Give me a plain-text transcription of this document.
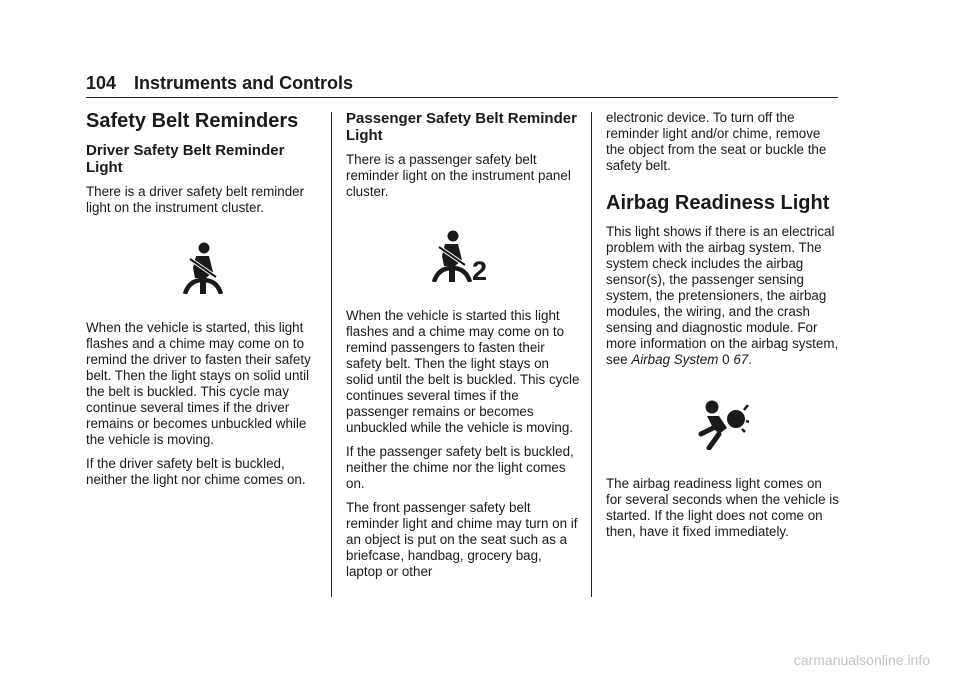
104 Instruments and Controls
Safety Belt Reminders
Driver Safety Belt Reminder Light

There is a driver safety belt reminder light on the instrument cluster.

When the vehicle is started, this light flashes and a chime may come on to remind the driver to fasten their safety belt. Then the light stays on solid until the belt is buckled. This cycle may continue several times if the driver remains or becomes unbuckled while the vehicle is moving.

If the driver safety belt is buckled, neither the light nor chime comes on.

Passenger Safety Belt Reminder Light

There is a passenger safety belt reminder light on the instrument panel cluster.

2

When the vehicle is started this light flashes and a chime may come on to remind passengers to fasten their safety belt. Then the light stays on solid until the belt is buckled. This cycle continues several times if the passenger remains or becomes unbuckled while the vehicle is moving.

If the passenger safety belt is buckled, neither the chime nor the light comes on.

The front passenger safety belt reminder light and chime may turn on if an object is put on the seat such as a briefcase, handbag, grocery bag, laptop or other

electronic device. To turn off the reminder light and/or chime, remove the object from the seat or buckle the safety belt.

Airbag Readiness Light

This light shows if there is an electrical problem with the airbag system. The system check includes the airbag sensor(s), the passenger sensing system, the pretensioners, the airbag modules, the wiring, and the crash sensing and diagnostic module. For more information on the airbag system, see Airbag System 0 67.

The airbag readiness light comes on for several seconds when the vehicle is started. If the light does not come on then, have it fixed immediately.

carmanualsonline.info
